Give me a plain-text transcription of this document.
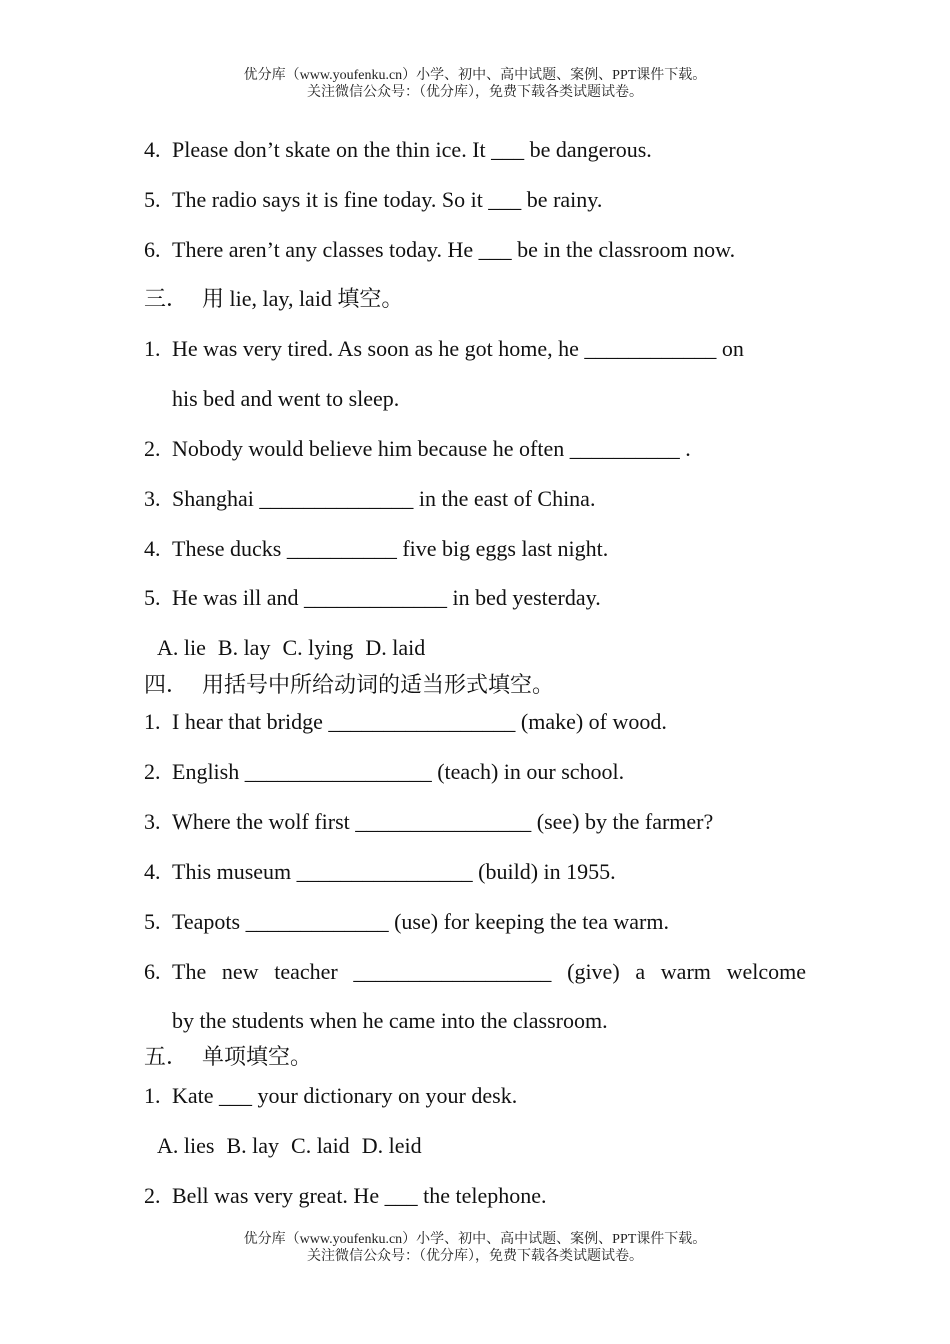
优分库（www.youfenku.cn）小学、初中、高中试题、案例、PPT课件下载。
关注微信公众号：（优分库），免费下载各类试题试卷。
4. Please don’t skate on the thin ice. It ___ be dangerous.
5. The radio says it is fine today. So it ___ be rainy.
6. There aren’t any classes today. He ___ be in the classroom now.
三． 用 lie, lay, laid 填空。
1. He was very tired. As soon as he got home, he ____________ on
his bed and went to sleep.
2. Nobody would believe him because he often __________ .
3. Shanghai ______________ in the east of China.
4. These ducks __________ five big eggs last night.
5. He was ill and _____________ in bed yesterday.
A. lie B. lay C. lying D. laid
四． 用括号中所给动词的适当形式填空。
1. I hear that bridge _________________ (make) of wood.
2. English _________________ (teach) in our school.
3. Where the wolf first ________________ (see) by the farmer?
4. This museum ________________ (build) in 1955.
5. Teapots _____________ (use) for keeping the tea warm.
6. The new teacher __________________ (give) a warm welcome
by the students when he came into the classroom.
五． 单项填空。
1. Kate ___ your dictionary on your desk.
A. lies B. lay C. laid D. leid
2. Bell was very great. He ___ the telephone.
优分库（www.youfenku.cn）小学、初中、高中试题、案例、PPT课件下载。
关注微信公众号：（优分库），免费下载各类试题试卷。
